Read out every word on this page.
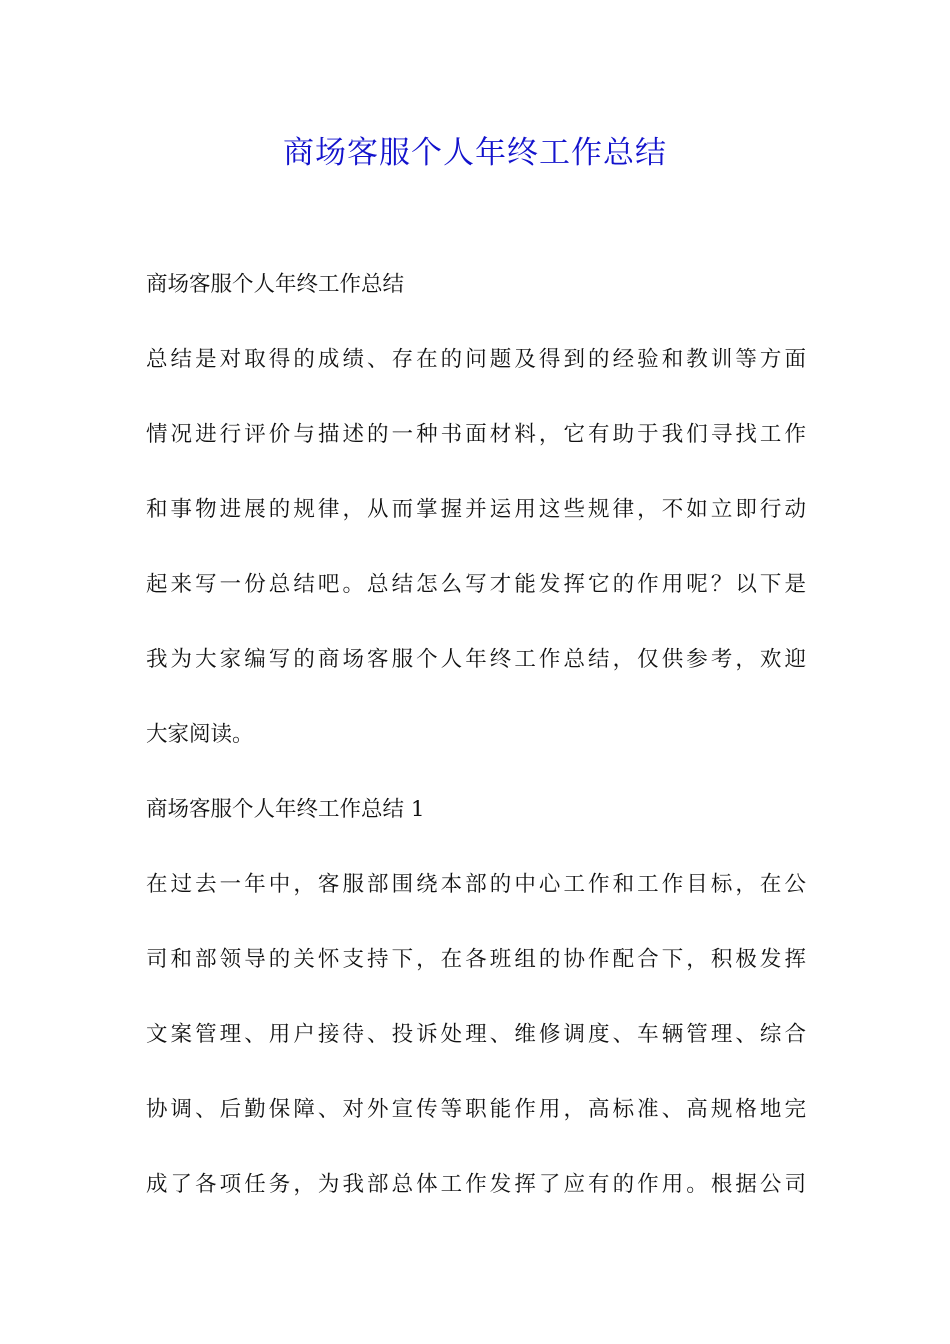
商场客服个人年终工作总结
商场客服个人年终工作总结
总结是对取得的成绩、存在的问题及得到的经验和教训等方面
情况进行评价与描述的一种书面材料，它有助于我们寻找工作
和事物进展的规律，从而掌握并运用这些规律，不如立即行动
起来写一份总结吧。总结怎么写才能发挥它的作用呢？以下是
我为大家编写的商场客服个人年终工作总结，仅供参考，欢迎
大家阅读。
商场客服个人年终工作总结 1
在过去一年中，客服部围绕本部的中心工作和工作目标，在公
司和部领导的关怀支持下，在各班组的协作配合下，积极发挥
文案管理、用户接待、投诉处理、维修调度、车辆管理、综合
协调、后勤保障、对外宣传等职能作用，高标准、高规格地完
成了各项任务，为我部总体工作发挥了应有的作用。根据公司
